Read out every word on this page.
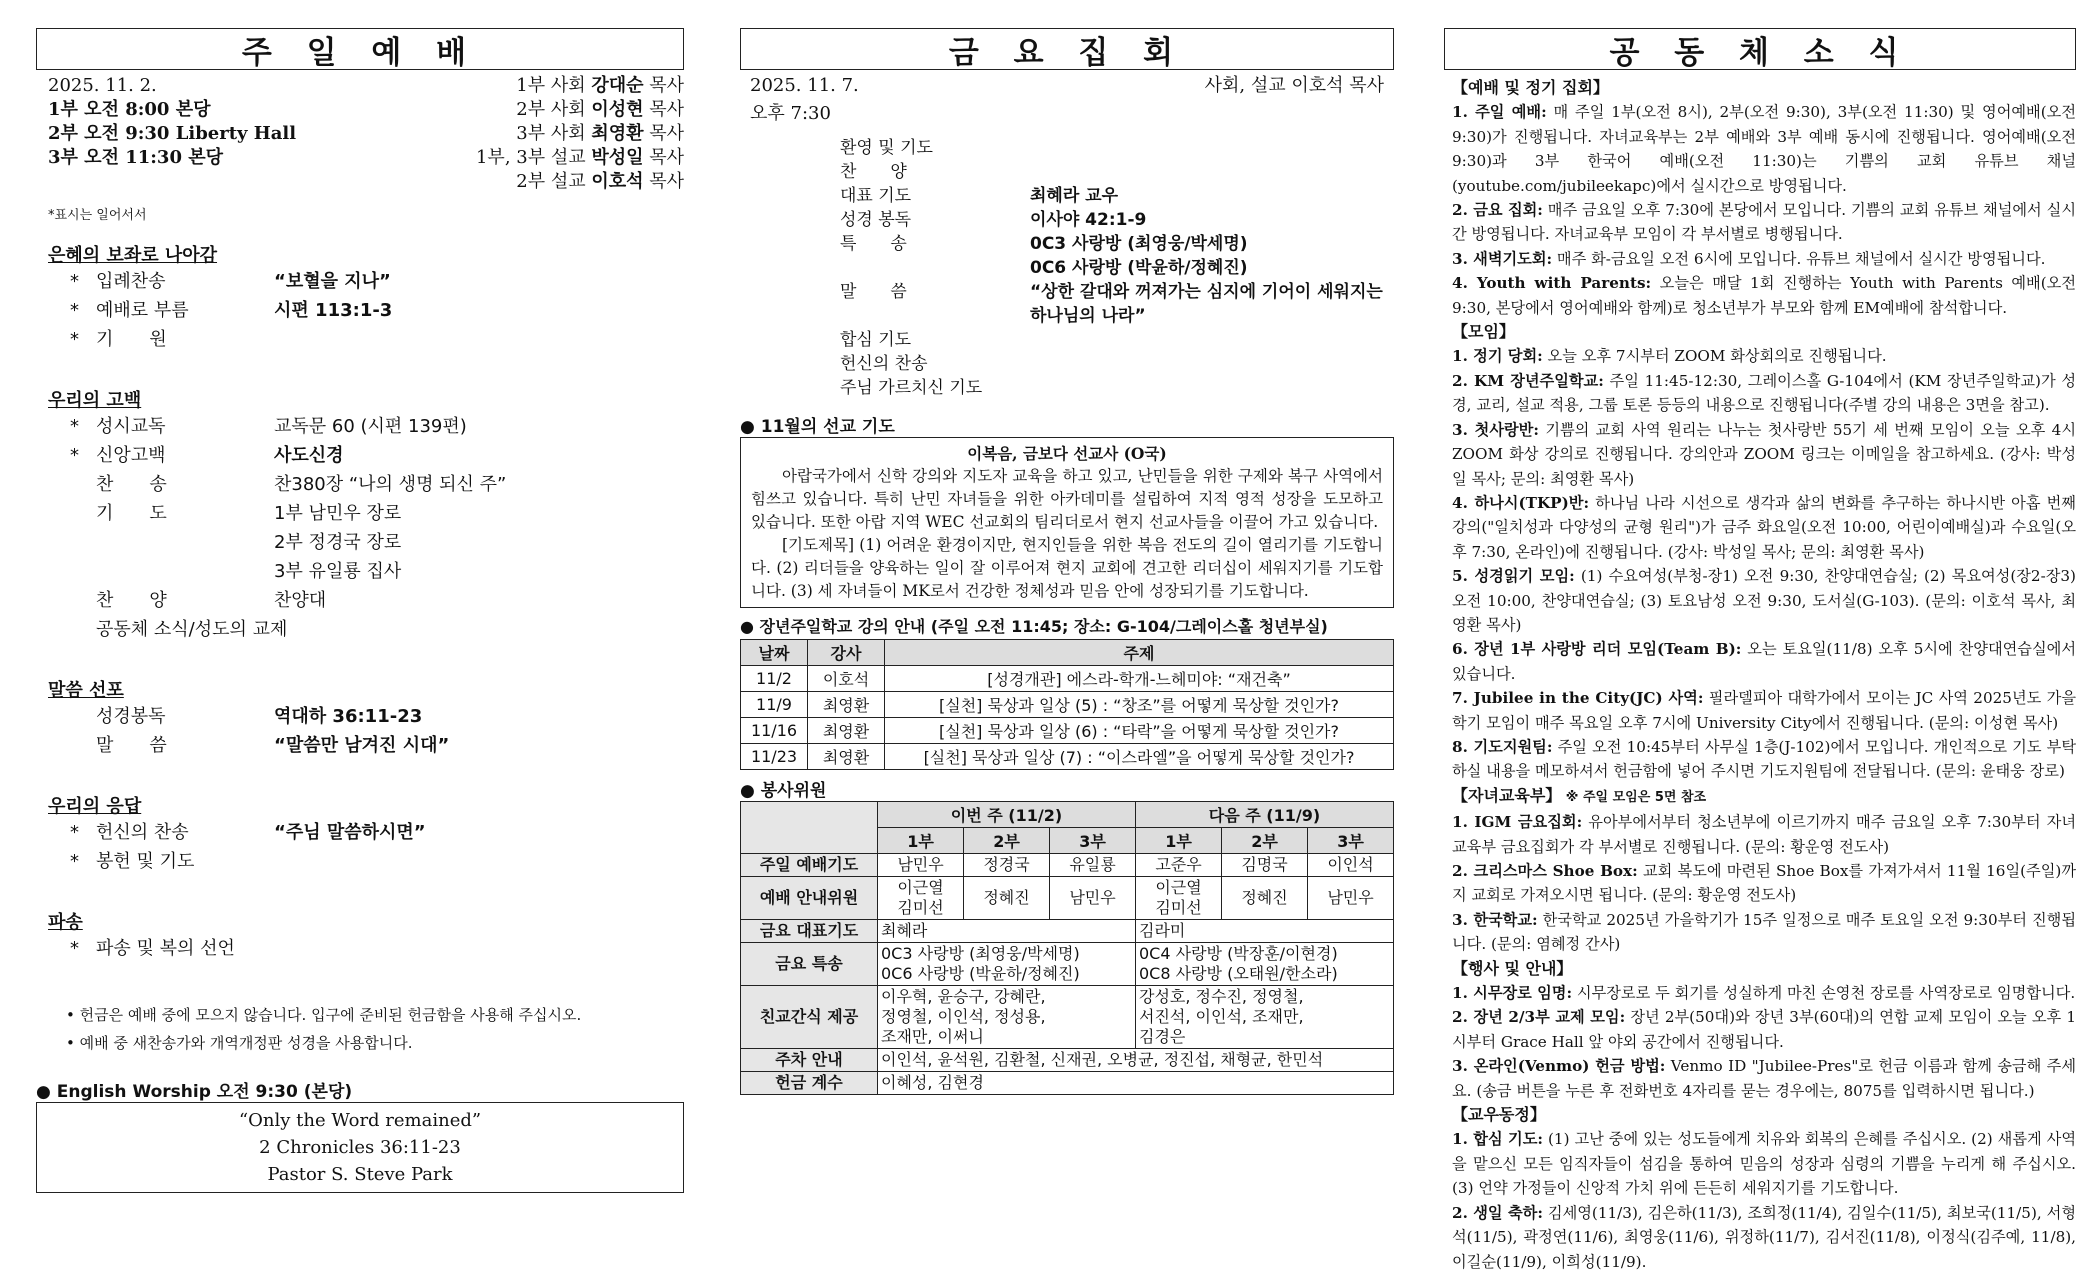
주 일 예 배
2025. 11. 2.
1부 오전 8:00 본당
2부 오전 9:30 Liberty Hall
3부 오전 11:30 본당
1부 사회 강대순 목사
2부 사회 이성현 목사
3부 사회 최영환 목사
1부, 3부 설교 박성일 목사
2부 설교 이호석 목사
*표시는 일어서서
은혜의 보좌로 나아감
* 입례찬송	“보혈을 지나”
* 예배로 부름	시편 113:1-3
* 기　　원
우리의 고백
* 성시교독	교독문 60 (시편 139편)
* 신앙고백	사도신경
찬　　송	찬380장 “나의 생명 되신 주”
기　　도	1부 남민우 장로
2부 정경국 장로
3부 유일룡 집사
찬　　양	찬양대
공동체 소식/성도의 교제
말씀 선포
성경봉독	역대하 36:11-23
말　　씀	“말씀만 남겨진 시대”
우리의 응답
* 헌신의 찬송	“주님 말씀하시면”
* 봉헌 및 기도
파송
* 파송 및 복의 선언
• 헌금은 예배 중에 모으지 않습니다. 입구에 준비된 헌금함을 사용해 주십시오.
• 예배 중 새찬송가와 개역개정판 성경을 사용합니다.
● English Worship 오전 9:30 (본당)
“Only the Word remained”
2 Chronicles 36:11-23
Pastor S. Steve Park
금 요 집 회
2025. 11. 7.
오후 7:30
사회, 설교 이호석 목사
환영 및 기도
찬　　양
대표 기도	최혜라 교우
성경 봉독	이사야 42:1-9
특　　송	0C3 사랑방 (최영웅/박세명)
0C6 사랑방 (박윤하/정혜진)
말　　씀	“상한 갈대와 꺼져가는 심지에 기어이 세워지는 하나님의 나라”
합심 기도
헌신의 찬송
주님 가르치신 기도
● 11월의 선교 기도
이복음, 금보다 선교사 (O국)
아랍국가에서 신학 강의와 지도자 교육을 하고 있고, 난민들을 위한 구제와 복구 사역에서 힘쓰고 있습니다. 특히 난민 자녀들을 위한 아카데미를 설립하여 지적 영적 성장을 도모하고 있습니다. 또한 아랍 지역 WEC 선교회의 팀리더로서 현지 선교사들을 이끌어 가고 있습니다.
[기도제목] (1) 어려운 환경이지만, 현지인들을 위한 복음 전도의 길이 열리기를 기도합니다. (2) 리더들을 양육하는 일이 잘 이루어져 현지 교회에 견고한 리더십이 세워지기를 기도합니다. (3) 세 자녀들이 MK로서 건강한 정체성과 믿음 안에 성장되기를 기도합니다.
● 장년주일학교 강의 안내 (주일 오전 11:45; 장소: G-104/그레이스홀 청년부실)
날짜	강사	주제
11/2	이호석	[성경개관] 에스라-학개-느헤미야: “재건축”
11/9	최영환	[실천] 묵상과 일상 (5) : “창조”를 어떻게 묵상할 것인가?
11/16	최영환	[실천] 묵상과 일상 (6) : “타락”을 어떻게 묵상할 것인가?
11/23	최영환	[실천] 묵상과 일상 (7) : “이스라엘”을 어떻게 묵상할 것인가?
● 봉사위원
	이번 주 (11/2)			다음 주 (11/9)		
	1부	2부	3부	1부	2부	3부
주일 예배기도	남민우	정경국	유일룡	고준우	김명국	이인석
예배 안내위원	이근열
김미선	정혜진	남민우	이근열
김미선	정혜진	남민우
금요 대표기도	최혜라			김라미		
금요 특송	0C3 사랑방 (최영웅/박세명)
0C6 사랑방 (박윤하/정혜진)			0C4 사랑방 (박장훈/이현경)
0C8 사랑방 (오태원/한소라)		
친교간식 제공	이우혁, 윤승구, 강혜란,
정영철, 이인석, 정성용,
조재만, 이써니			강성호, 정수진, 정영철,
서진석, 이인석, 조재만,
김경은		
주차 안내	이인석, 윤석원, 김환철, 신재권, 오병균, 정진섭, 채형균, 한민석					
헌금 계수	이혜성, 김현경					
공 동 체 소 식
【예배 및 정기 집회】

1. 주일 예배: 매 주일 1부(오전 8시), 2부(오전 9:30), 3부(오전 11:30) 및 영어예배(오전 9:30)가 진행됩니다. 자녀교육부는 2부 예배와 3부 예배 동시에 진행됩니다. 영어예배(오전 9:30)과 3부 한국어 예배(오전 11:30)는 기쁨의 교회 유튜브 채널(youtube.com/jubileekapc)에서 실시간으로 방영됩니다.

2. 금요 집회: 매주 금요일 오후 7:30에 본당에서 모입니다. 기쁨의 교회 유튜브 채널에서 실시간 방영됩니다. 자녀교육부 모임이 각 부서별로 병행됩니다.

3. 새벽기도회: 매주 화-금요일 오전 6시에 모입니다. 유튜브 채널에서 실시간 방영됩니다.

4. Youth with Parents: 오늘은 매달 1회 진행하는 Youth with Parents 예배(오전 9:30, 본당에서 영어예배와 함께)로 청소년부가 부모와 함께 EM예배에 참석합니다.

【모임】

1. 정기 당회: 오늘 오후 7시부터 ZOOM 화상회의로 진행됩니다.

2. KM 장년주일학교: 주일 11:45-12:30, 그레이스홀 G-104에서 (KM 장년주일학교)가 성경, 교리, 설교 적용, 그룹 토론 등등의 내용으로 진행됩니다(주별 강의 내용은 3면을 참고).

3. 첫사랑반: 기쁨의 교회 사역 원리는 나누는 첫사랑반 55기 세 번째 모임이 오늘 오후 4시 ZOOM 화상 강의로 진행됩니다. 강의안과 ZOOM 링크는 이메일을 참고하세요. (강사: 박성일 목사; 문의: 최영환 목사)

4. 하나시(TKP)반: 하나님 나라 시선으로 생각과 삶의 변화를 추구하는 하나시반 아홉 번째 강의("일치성과 다양성의 균형 원리")가 금주 화요일(오전 10:00, 어린이예배실)과 수요일(오후 7:30, 온라인)에 진행됩니다. (강사: 박성일 목사; 문의: 최영환 목사)

5. 성경읽기 모임: (1) 수요여성(부청-장1) 오전 9:30, 찬양대연습실; (2) 목요여성(장2-장3) 오전 10:00, 찬양대연습실; (3) 토요남성 오전 9:30, 도서실(G-103). (문의: 이호석 목사, 최영환 목사)

6. 장년 1부 사랑방 리더 모임(Team B): 오는 토요일(11/8) 오후 5시에 찬양대연습실에서 있습니다.

7. Jubilee in the City(JC) 사역: 필라델피아 대학가에서 모이는 JC 사역 2025년도 가을학기 모임이 매주 목요일 오후 7시에 University City에서 진행됩니다. (문의: 이성현 목사)

8. 기도지원팀: 주일 오전 10:45부터 사무실 1층(J-102)에서 모입니다. 개인적으로 기도 부탁하실 내용을 메모하셔서 헌금함에 넣어 주시면 기도지원팀에 전달됩니다. (문의: 윤태웅 장로)

【자녀교육부】 ※ 주일 모임은 5면 참조

1. IGM 금요집회: 유아부에서부터 청소년부에 이르기까지 매주 금요일 오후 7:30부터 자녀교육부 금요집회가 각 부서별로 진행됩니다. (문의: 황운영 전도사)

2. 크리스마스 Shoe Box: 교회 복도에 마련된 Shoe Box를 가져가셔서 11월 16일(주일)까지 교회로 가져오시면 됩니다. (문의: 황운영 전도사)

3. 한국학교: 한국학교 2025년 가을학기가 15주 일정으로 매주 토요일 오전 9:30부터 진행됩니다. (문의: 염혜정 간사)

【행사 및 안내】

1. 시무장로 임명: 시무장로로 두 회기를 성실하게 마친 손영천 장로를 사역장로로 임명합니다.

2. 장년 2/3부 교제 모임: 장년 2부(50대)와 장년 3부(60대)의 연합 교제 모임이 오늘 오후 1시부터 Grace Hall 앞 야외 공간에서 진행됩니다.

3. 온라인(Venmo) 헌금 방법: Venmo ID "Jubilee-Pres"로 헌금 이름과 함께 송금해 주세요. (송금 버튼을 누른 후 전화번호 4자리를 묻는 경우에는, 8075를 입력하시면 됩니다.)

【교우동정】

1. 합심 기도: (1) 고난 중에 있는 성도들에게 치유와 회복의 은혜를 주십시오. (2) 새롭게 사역을 맡으신 모든 임직자들이 섬김을 통하여 믿음의 성장과 심령의 기쁨을 누리게 해 주십시오. (3) 언약 가정들이 신앙적 가치 위에 든든히 세워지기를 기도합니다.

2. 생일 축하: 김세영(11/3), 김은하(11/3), 조희정(11/4), 김일수(11/5), 최보국(11/5), 서형석(11/5), 곽정연(11/6), 최영웅(11/6), 위정하(11/7), 김서진(11/8), 이정식(김주예, 11/8), 이길순(11/9), 이희성(11/9).
